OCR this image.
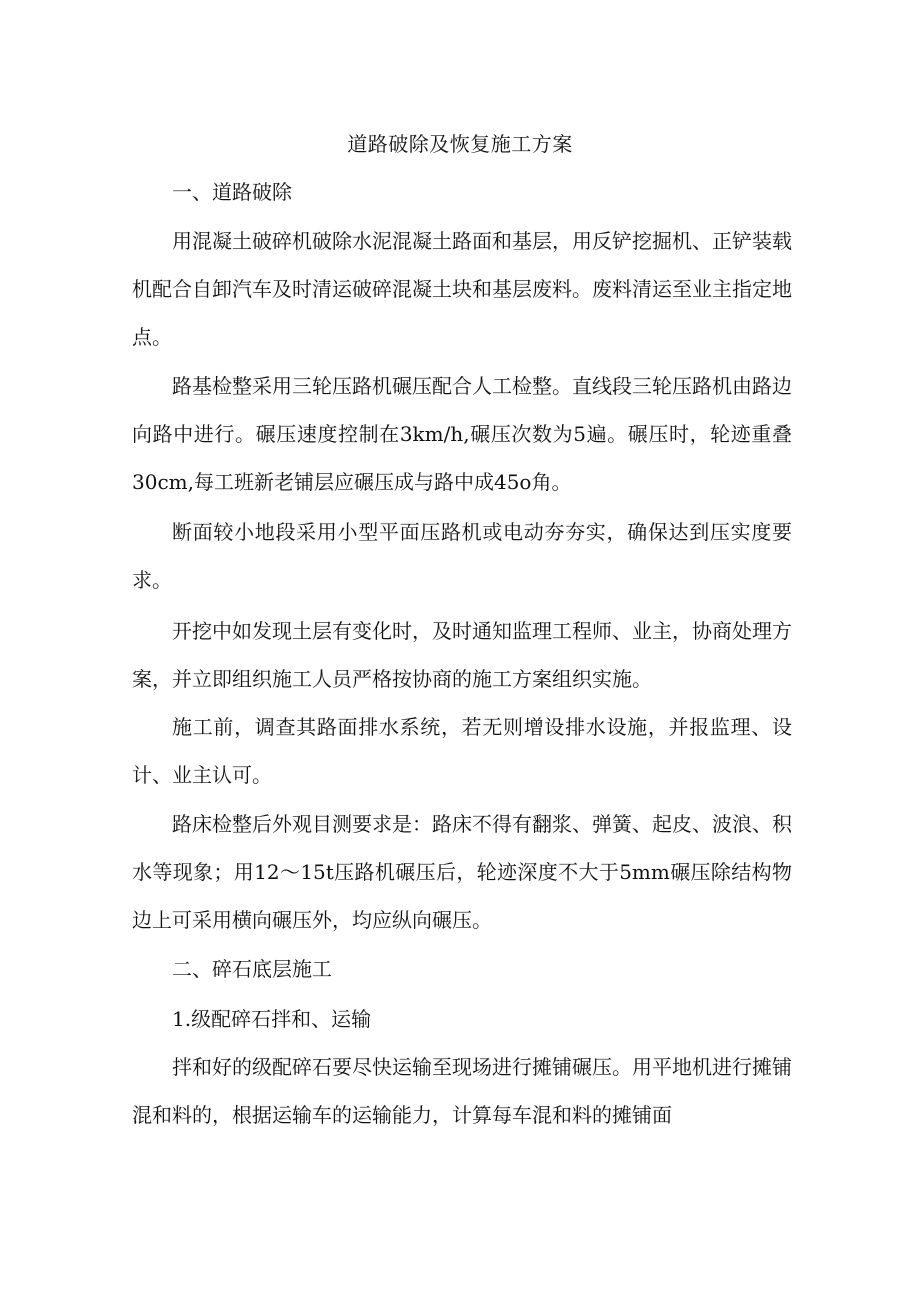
道路破除及恢复施工方案

一、道路破除

用混凝土破碎机破除水泥混凝土路面和基层，用反铲挖掘机、正铲装载机配合自卸汽车及时清运破碎混凝土块和基层废料。废料清运至业主指定地点。

路基检整采用三轮压路机碾压配合人工检整。直线段三轮压路机由路边向路中进行。碾压速度控制在3km/h,碾压次数为5遍。碾压时，轮迹重叠30cm,每工班新老铺层应碾压成与路中成45o角。

断面较小地段采用小型平面压路机或电动夯夯实，确保达到压实度要求。

开挖中如发现土层有变化时，及时通知监理工程师、业主，协商处理方案，并立即组织施工人员严格按协商的施工方案组织实施。

施工前，调查其路面排水系统，若无则增设排水设施，并报监理、设计、业主认可。

路床检整后外观目测要求是：路床不得有翻浆、弹簧、起皮、波浪、积水等现象；用12～15t压路机碾压后，轮迹深度不大于5mm碾压除结构物边上可采用横向碾压外，均应纵向碾压。

二、碎石底层施工

1.级配碎石拌和、运输

拌和好的级配碎石要尽快运输至现场进行摊铺碾压。用平地机进行摊铺混和料的，根据运输车的运输能力，计算每车混和料的摊铺面
